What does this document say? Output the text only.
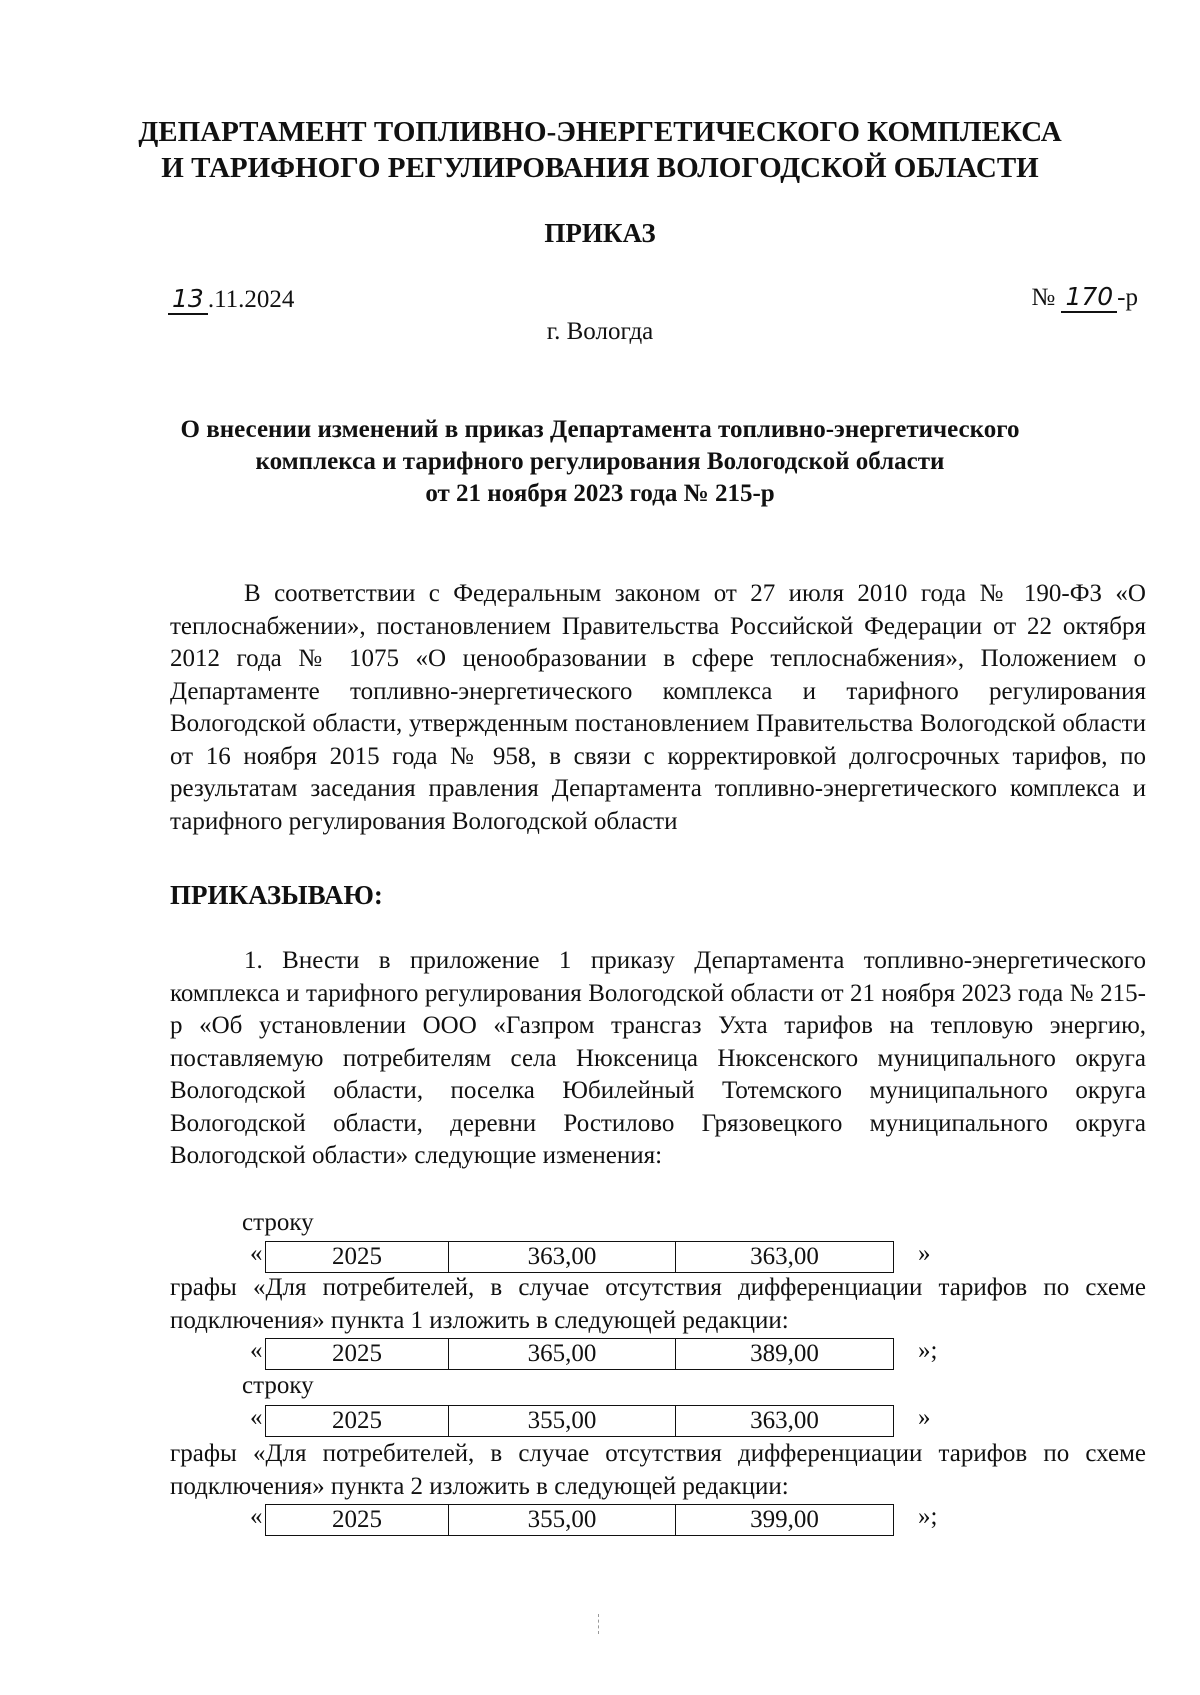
ДЕПАРТАМЕНТ ТОПЛИВНО-ЭНЕРГЕТИЧЕСКОГО КОМПЛЕКСА
И ТАРИФНОГО РЕГУЛИРОВАНИЯ ВОЛОГОДСКОЙ ОБЛАСТИ
ПРИКАЗ
13 .11.2024	№ 170 -р
г. Вологда
О внесении изменений в приказ Департамента топливно-энергетического
комплекса и тарифного регулирования Вологодской области
от 21 ноября 2023 года № 215-р
В соответствии с Федеральным законом от 27 июля 2010 года № 190-ФЗ «О теплоснабжении», постановлением Правительства Российской Федерации от 22 октября 2012 года № 1075 «О ценообразовании в сфере теплоснабжения», Положением о Департаменте топливно-энергетического комплекса и тарифного регулирования Вологодской области, утвержденным постановлением Правительства Вологодской области от 16 ноября 2015 года № 958, в связи с корректировкой долгосрочных тарифов, по результатам заседания правления Департамента топливно-энергетического комплекса и тарифного регулирования Вологодской области
ПРИКАЗЫВАЮ:
1. Внести в приложение 1 приказу Департамента топливно-энергетического комплекса и тарифного регулирования Вологодской области от 21 ноября 2023 года № 215-р «Об установлении ООО «Газпром трансгаз Ухта тарифов на тепловую энергию, поставляемую потребителям села Нюксеница Нюксенского муниципального округа Вологодской области, поселка Юбилейный Тотемского муниципального округа Вологодской области, деревни Ростилово Грязовецкого муниципального округа Вологодской области» следующие изменения:
строку
«	2025	363,00	363,00	»
графы «Для потребителей, в случае отсутствия дифференциации тарифов по схеме подключения» пункта 1 изложить в следующей редакции:
«	2025	365,00	389,00	»;
строку
«	2025	355,00	363,00	»
графы «Для потребителей, в случае отсутствия дифференциации тарифов по схеме подключения» пункта 2 изложить в следующей редакции:
«	2025	355,00	399,00	»;
